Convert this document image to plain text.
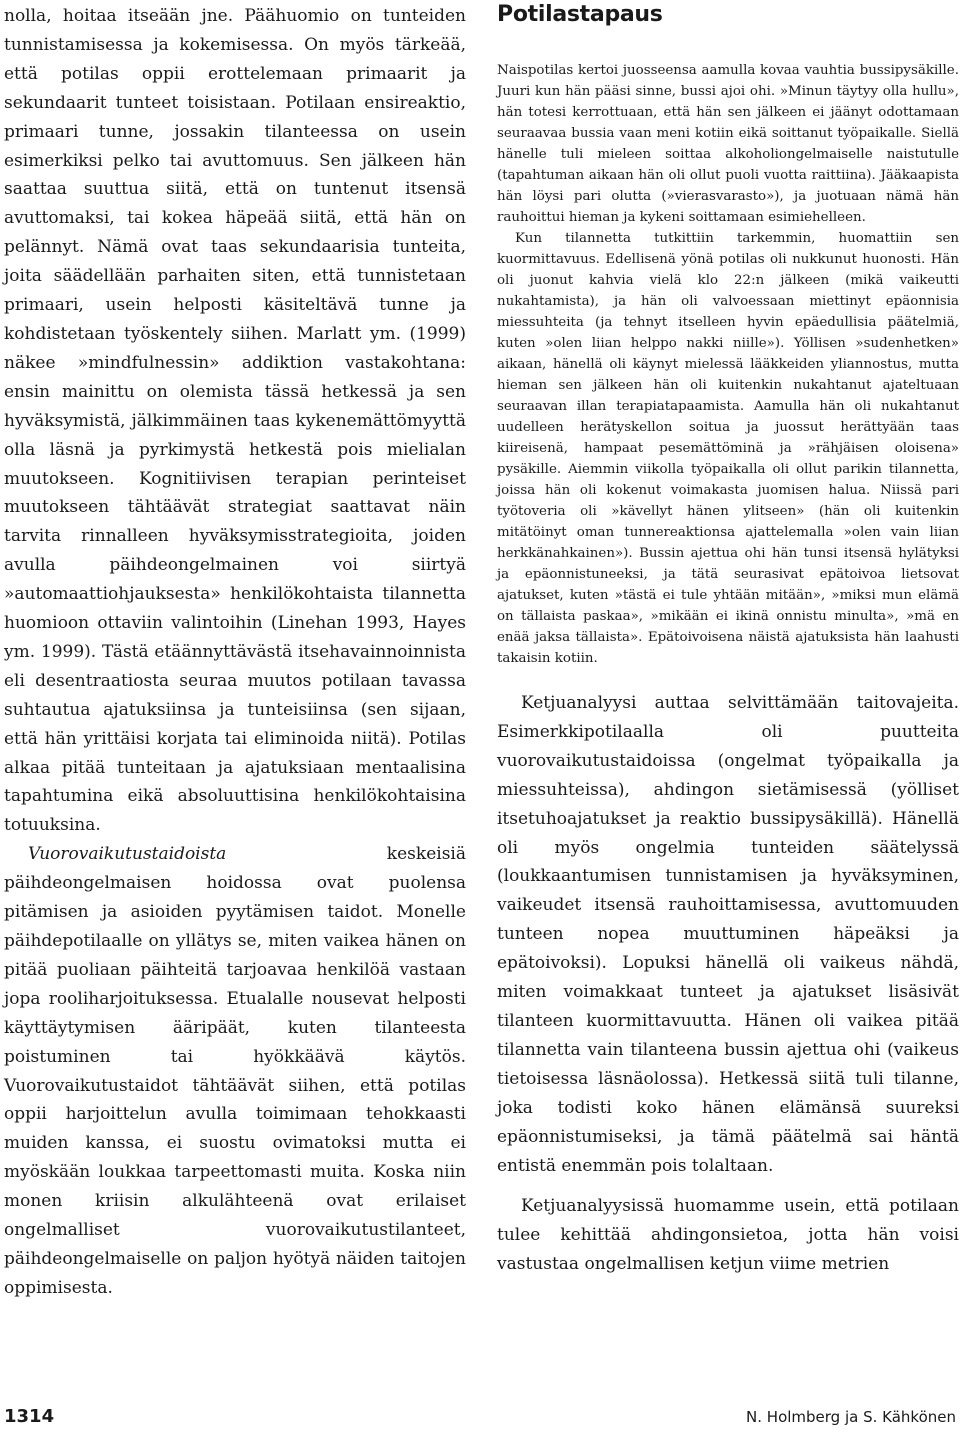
nolla, hoitaa itseään jne. Päähuomio on tunteiden tunnistamisessa ja kokemisessa. On myös tärkeää, että potilas oppii erottelemaan primaarit ja sekundaarit tunteet toisistaan. Potilaan ensireaktio, primaari tunne, jossakin tilanteessa on usein esimerkiksi pelko tai avuttomuus. Sen jälkeen hän saattaa suuttua siitä, että on tuntenut itsensä avuttomaksi, tai kokea häpeää siitä, että hän on pelännyt. Nämä ovat taas sekundaarisia tunteita, joita säädellään parhaiten siten, että tunnistetaan primaari, usein helposti käsiteltävä tunne ja kohdistetaan työskentely siihen. Marlatt ym. (1999) näkee »mindfulnessin» addiktion vastakohtana: ensin mainittu on olemista tässä hetkessä ja sen hyväksymistä, jälkimmäinen taas kykenemättömyyttä olla läsnä ja pyrkimystä hetkestä pois mielialan muutokseen. Kognitiivisen terapian perinteiset muutokseen tähtäävät strategiat saattavat näin tarvita rinnalleen hyväksymisstrategioita, joiden avulla päihdeongelmainen voi siirtyä »automaattiohjauksesta» henkilökohtaista tilannetta huomioon ottaviin valintoihin (Linehan 1993, Hayes ym. 1999). Tästä etäännyttävästä itsehavainnoinnista eli desentraatiosta seuraa muutos potilaan tavassa suhtautua ajatuksiinsa ja tunteisiinsa (sen sijaan, että hän yrittäisi korjata tai eliminoida niitä). Potilas alkaa pitää tunteitaan ja ajatuksiaan mentaalisina tapahtumina eikä absoluuttisina henkilökohtaisina totuuksina.

Vuorovaikutustaidoista keskeisiä päihdeongelmaisen hoidossa ovat puolensa pitämisen ja asioiden pyytämisen taidot. Monelle päihdepotilaalle on yllätys se, miten vaikea hänen on pitää puoliaan päihteitä tarjoavaa henkilöä vastaan jopa rooliharjoituksessa. Etualalle nousevat helposti käyttäytymisen ääripäät, kuten tilanteesta poistuminen tai hyökkäävä käytös. Vuorovaikutustaidot tähtäävät siihen, että potilas oppii harjoittelun avulla toimimaan tehokkaasti muiden kanssa, ei suostu ovimatoksi mutta ei myöskään loukkaa tarpeettomasti muita. Koska niin monen kriisin alkulähteenä ovat erilaiset ongelmalliset vuorovaikutustilanteet, päihdeongelmaiselle on paljon hyötyä näiden taitojen oppimisesta.

Potilastapaus

Naispotilas kertoi juosseensa aamulla kovaa vauhtia bussipysäkille. Juuri kun hän pääsi sinne, bussi ajoi ohi. »Minun täytyy olla hullu», hän totesi kerrottuaan, että hän sen jälkeen ei jäänyt odottamaan seuraavaa bussia vaan meni kotiin eikä soittanut työpaikalle. Siellä hänelle tuli mieleen soittaa alkoholiongelmaiselle naistutulle (tapahtuman aikaan hän oli ollut puoli vuotta raittiina). Jääkaapista hän löysi pari olutta (»vierasvarasto»), ja juotuaan nämä hän rauhoittui hieman ja kykeni soittamaan esimiehelleen.

Kun tilannetta tutkittiin tarkemmin, huomattiin sen kuormittavuus. Edellisenä yönä potilas oli nukkunut huonosti. Hän oli juonut kahvia vielä klo 22:n jälkeen (mikä vaikeutti nukahtamista), ja hän oli valvoessaan miettinyt epäonnisia miessuhteita (ja tehnyt itselleen hyvin epäedullisia päätelmiä, kuten »olen liian helppo nakki niille»). Yöllisen »sudenhetken» aikaan, hänellä oli käynyt mielessä lääkkeiden yliannostus, mutta hieman sen jälkeen hän oli kuitenkin nukahtanut ajateltuaan seuraavan illan terapiatapaamista. Aamulla hän oli nukahtanut uudelleen herätyskellon soitua ja juossut herättyään taas kiireisenä, hampaat pesemättöminä ja »rähjäisen oloisena» pysäkille. Aiemmin viikolla työpaikalla oli ollut parikin tilannetta, joissa hän oli kokenut voimakasta juomisen halua. Niissä pari työtoveria oli »kävellyt hänen ylitseen» (hän oli kuitenkin mitätöinyt oman tunnereaktionsa ajattelemalla »olen vain liian herkkänahkainen»). Bussin ajettua ohi hän tunsi itsensä hylätyksi ja epäonnistuneeksi, ja tätä seurasivat epätoivoa lietsovat ajatukset, kuten »tästä ei tule yhtään mitään», »miksi mun elämä on tällaista paskaa», »mikään ei ikinä onnistu minulta», »mä en enää jaksa tällaista». Epätoivoisena näistä ajatuksista hän laahusti takaisin kotiin.

Ketjuanalyysi auttaa selvittämään taitovajeita. Esimerkkipotilaalla oli puutteita vuorovaikutustaidoissa (ongelmat työpaikalla ja miessuhteissa), ahdingon sietämisessä (yölliset itsetuhoajatukset ja reaktio bussipysäkillä). Hänellä oli myös ongelmia tunteiden säätelyssä (loukkaantumisen tunnistamisen ja hyväksyminen, vaikeudet itsensä rauhoittamisessa, avuttomuuden tunteen nopea muuttuminen häpeäksi ja epätoivoksi). Lopuksi hänellä oli vaikeus nähdä, miten voimakkaat tunteet ja ajatukset lisäsivät tilanteen kuormittavuutta. Hänen oli vaikea pitää tilannetta vain tilanteena bussin ajettua ohi (vaikeus tietoisessa läsnäolossa). Hetkessä siitä tuli tilanne, joka todisti koko hänen elämänsä suureksi epäonnistumiseksi, ja tämä päätelmä sai häntä entistä enemmän pois tolaltaan.

Ketjuanalyysissä huomamme usein, että potilaan tulee kehittää ahdingonsietoa, jotta hän voisi vastustaa ongelmallisen ketjun viime metrien

1314	N. Holmberg ja S. Kähkönen
